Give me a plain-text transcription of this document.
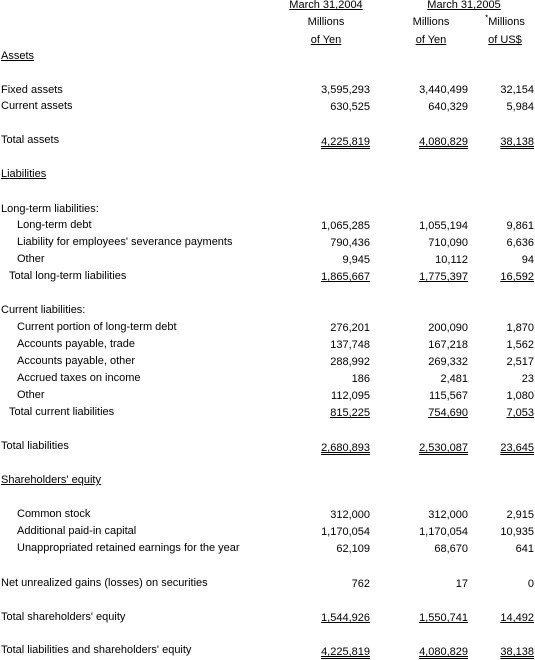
March 31,2004
Millions
of Yen
March 31,2005
Millions
of Yen
*Millions
of US$
Assets
Fixed assets	3,595,293	3,440,499	32,154
Current assets	630,525	640,329	5,984
Total assets	4,225,819	4,080,829	38,138
Liabilities
Long-term liabilities:
Long-term debt	1,065,285	1,055,194	9,861
Liability for employees' severance payments	790,436	710,090	6,636
Other	9,945	10,112	94
Total long-term liabilities	1,865,667	1,775,397	16,592
Current liabilities:
Current portion of long-term debt	276,201	200,090	1,870
Accounts payable, trade	137,748	167,218	1,562
Accounts payable, other	288,992	269,332	2,517
Accrued taxes on income	186	2,481	23
Other	112,095	115,567	1,080
Total current liabilities	815,225	754,690	7,053
Total liabilities	2,680,893	2,530,087	23,645
Shareholders' equity
Common stock	312,000	312,000	2,915
Additional paid-in capital	1,170,054	1,170,054	10,935
Unappropriated retained earnings for the year	62,109	68,670	641
Net unrealized gains (losses) on securities	762	17	0
Total shareholders' equity	1,544,926	1,550,741	14,492
Total liabilities and shareholders' equity	4,225,819	4,080,829	38,138
